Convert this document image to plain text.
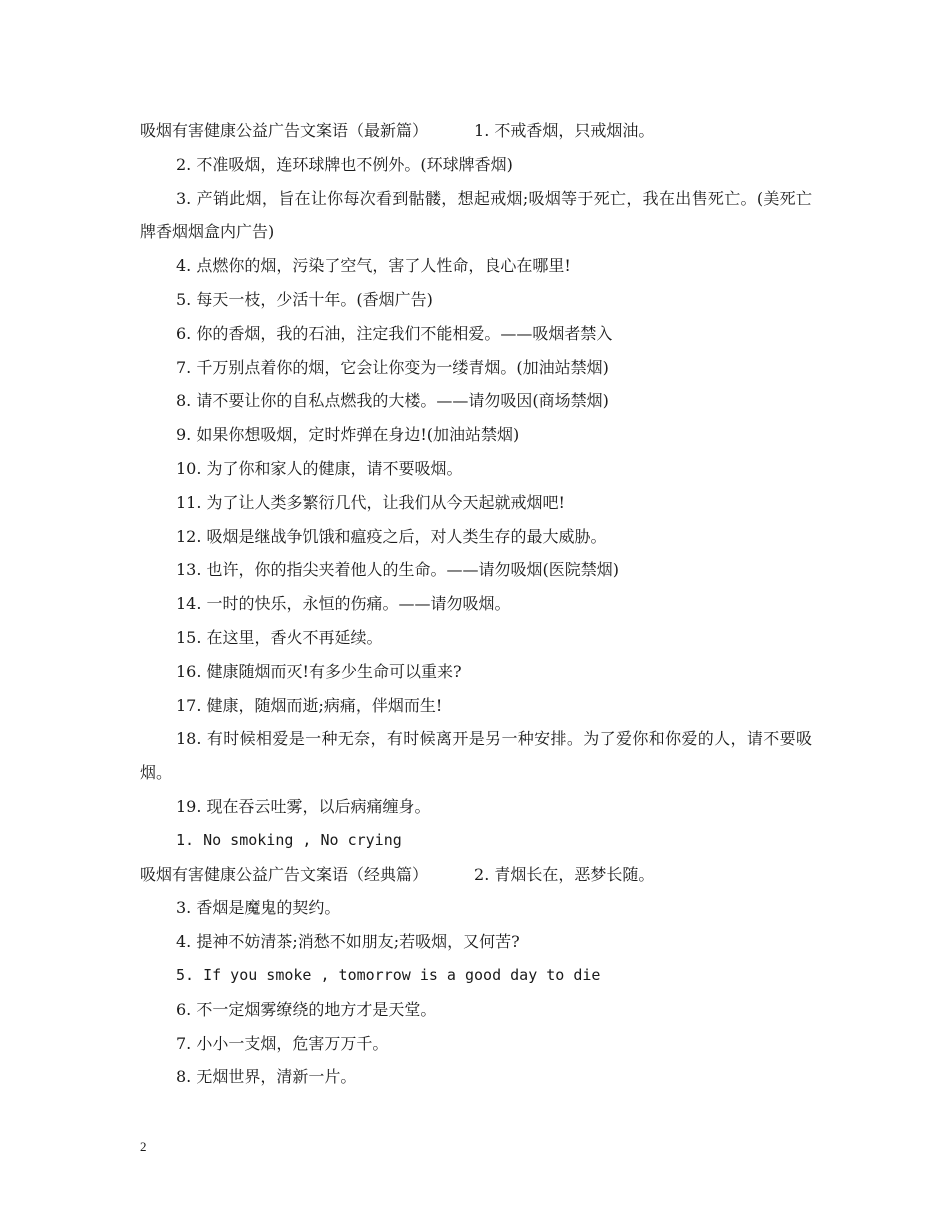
吸烟有害健康公益广告文案语（最新篇）	1. 不戒香烟，只戒烟油。

2. 不准吸烟，连环球牌也不例外。(环球牌香烟)

3. 产销此烟，旨在让你每次看到骷髅，想起戒烟;吸烟等于死亡，我在出售死亡。(美死亡牌香烟烟盒内广告)

4. 点燃你的烟，污染了空气，害了人性命，良心在哪里!

5. 每天一枝，少活十年。(香烟广告)

6. 你的香烟，我的石油，注定我们不能相爱。——吸烟者禁入

7. 千万别点着你的烟，它会让你变为一缕青烟。(加油站禁烟)

8. 请不要让你的自私点燃我的大楼。——请勿吸因(商场禁烟)

9. 如果你想吸烟，定时炸弹在身边!(加油站禁烟)

10. 为了你和家人的健康，请不要吸烟。

11. 为了让人类多繁衍几代，让我们从今天起就戒烟吧!

12. 吸烟是继战争饥饿和瘟疫之后，对人类生存的最大威胁。

13. 也许，你的指尖夹着他人的生命。——请勿吸烟(医院禁烟)

14. 一时的快乐，永恒的伤痛。——请勿吸烟。

15. 在这里，香火不再延续。

16. 健康随烟而灭!有多少生命可以重来?

17. 健康，随烟而逝;病痛，伴烟而生!

18. 有时候相爱是一种无奈，有时候离开是另一种安排。为了爱你和你爱的人，请不要吸烟。

19. 现在吞云吐雾，以后病痛缠身。

1. No smoking , No crying

吸烟有害健康公益广告文案语（经典篇）	2. 青烟长在，恶梦长随。

3. 香烟是魔鬼的契约。

4. 提神不妨清茶;消愁不如朋友;若吸烟，又何苦?

5. If you smoke , tomorrow is a good day to die

6. 不一定烟雾缭绕的地方才是天堂。

7. 小小一支烟，危害万万千。

8. 无烟世界，清新一片。

2
